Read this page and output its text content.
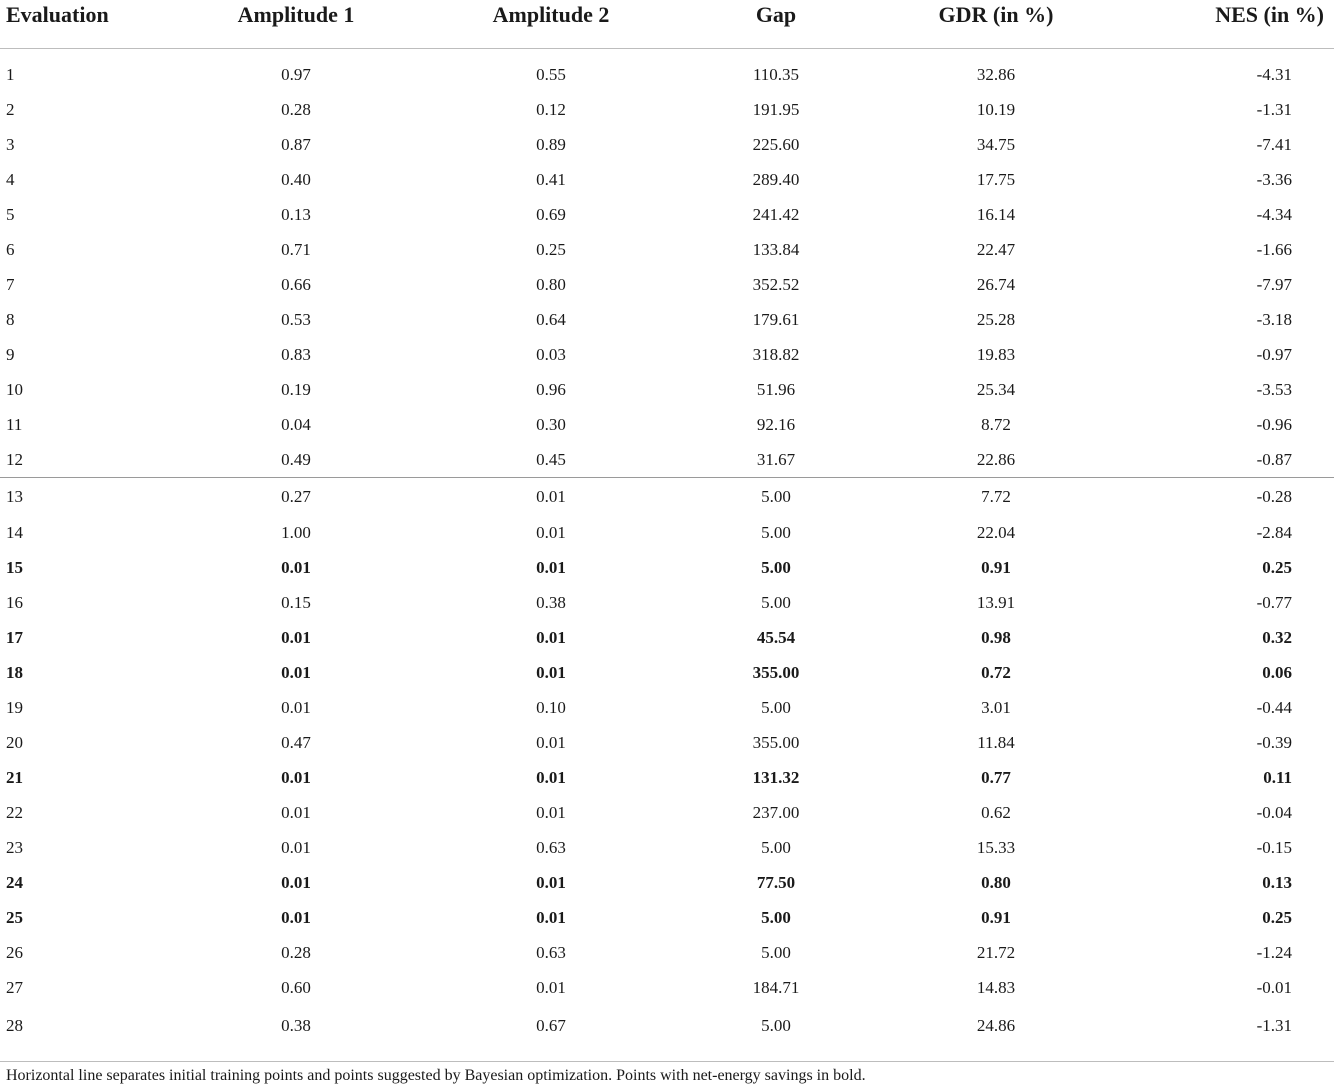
Evaluation	Amplitude 1	Amplitude 2	Gap	GDR (in %)	NES (in %)
1	0.97	0.55	110.35	32.86	-4.31
2	0.28	0.12	191.95	10.19	-1.31
3	0.87	0.89	225.60	34.75	-7.41
4	0.40	0.41	289.40	17.75	-3.36
5	0.13	0.69	241.42	16.14	-4.34
6	0.71	0.25	133.84	22.47	-1.66
7	0.66	0.80	352.52	26.74	-7.97
8	0.53	0.64	179.61	25.28	-3.18
9	0.83	0.03	318.82	19.83	-0.97
10	0.19	0.96	51.96	25.34	-3.53
11	0.04	0.30	92.16	8.72	-0.96
12	0.49	0.45	31.67	22.86	-0.87
13	0.27	0.01	5.00	7.72	-0.28
14	1.00	0.01	5.00	22.04	-2.84
15	0.01	0.01	5.00	0.91	0.25
16	0.15	0.38	5.00	13.91	-0.77
17	0.01	0.01	45.54	0.98	0.32
18	0.01	0.01	355.00	0.72	0.06
19	0.01	0.10	5.00	3.01	-0.44
20	0.47	0.01	355.00	11.84	-0.39
21	0.01	0.01	131.32	0.77	0.11
22	0.01	0.01	237.00	0.62	-0.04
23	0.01	0.63	5.00	15.33	-0.15
24	0.01	0.01	77.50	0.80	0.13
25	0.01	0.01	5.00	0.91	0.25
26	0.28	0.63	5.00	21.72	-1.24
27	0.60	0.01	184.71	14.83	-0.01
28	0.38	0.67	5.00	24.86	-1.31
Horizontal line separates initial training points and points suggested by Bayesian optimization. Points with net-energy savings in bold.
